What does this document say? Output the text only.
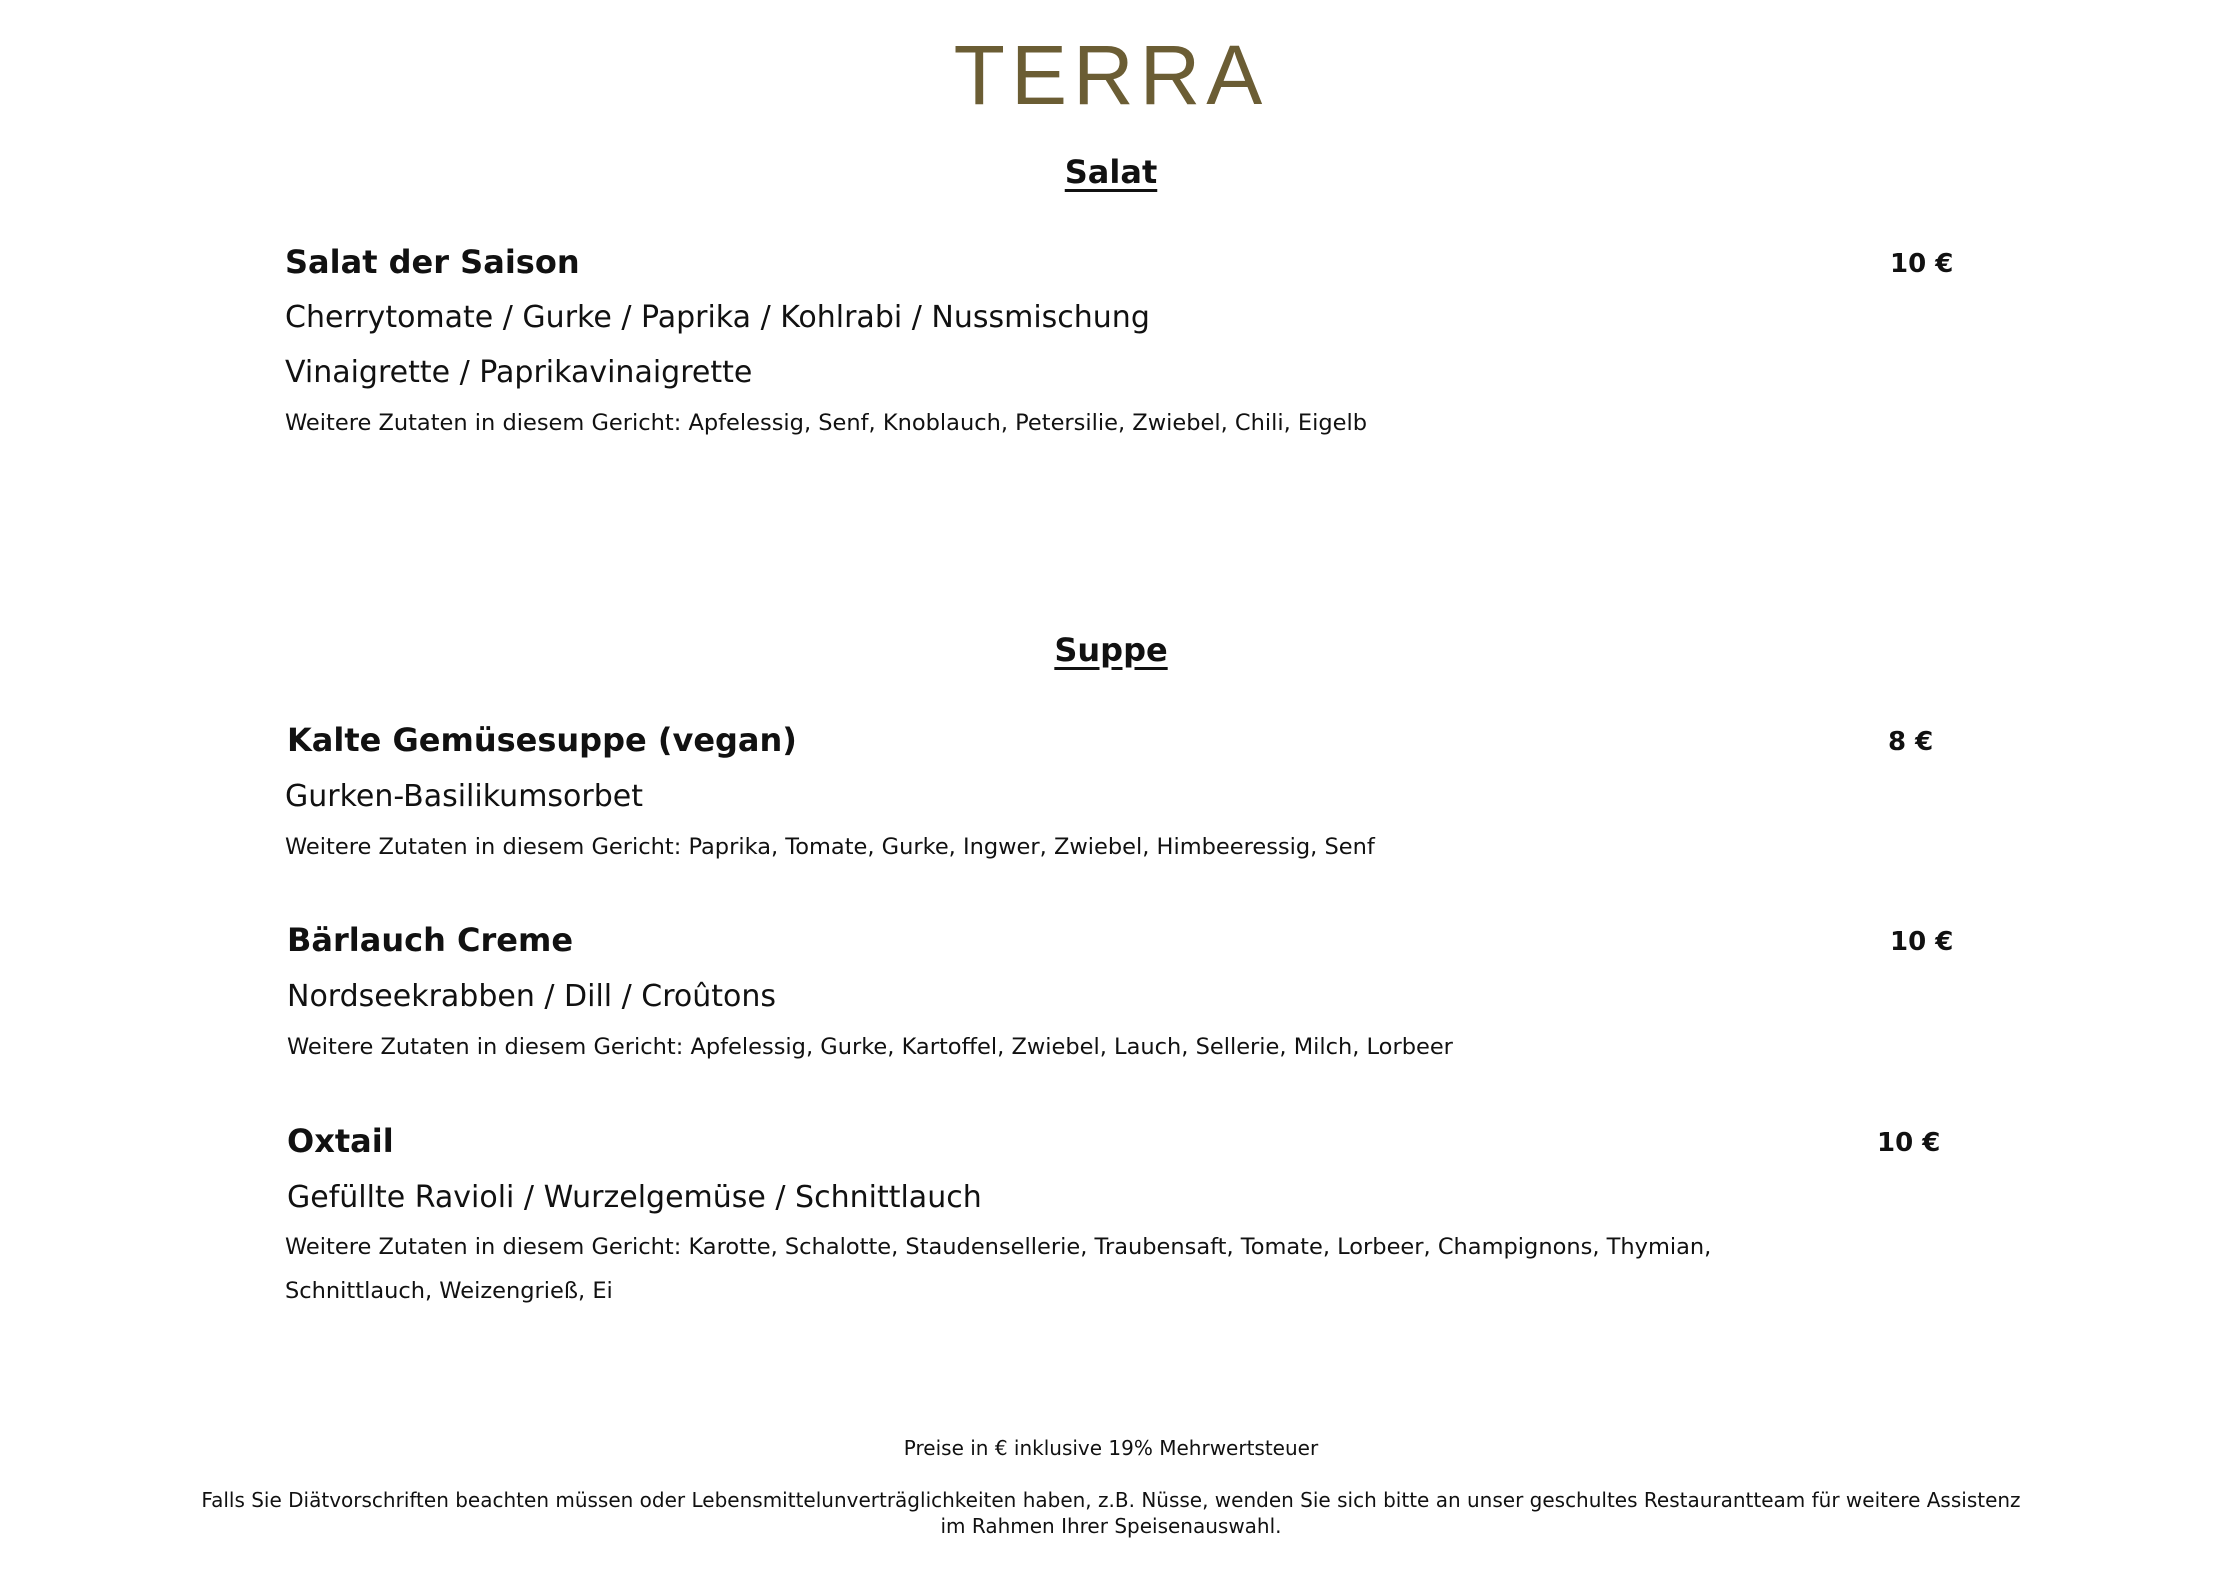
TERRA
Salat
Salat der Saison	10 €
Cherrytomate / Gurke / Paprika / Kohlrabi / Nussmischung
Vinaigrette / Paprikavinaigrette
Weitere Zutaten in diesem Gericht: Apfelessig, Senf, Knoblauch, Petersilie, Zwiebel, Chili, Eigelb
Suppe
Kalte Gemüsesuppe (vegan)	8 €
Gurken-Basilikumsorbet
Weitere Zutaten in diesem Gericht: Paprika, Tomate, Gurke, Ingwer, Zwiebel, Himbeeressig, Senf
Bärlauch Creme	10 €
Nordseekrabben / Dill / Croûtons
Weitere Zutaten in diesem Gericht: Apfelessig, Gurke, Kartoffel, Zwiebel, Lauch, Sellerie, Milch, Lorbeer
Oxtail	10 €
Gefüllte Ravioli / Wurzelgemüse / Schnittlauch
Weitere Zutaten in diesem Gericht: Karotte, Schalotte, Staudensellerie, Traubensaft, Tomate, Lorbeer, Champignons, Thymian,
Schnittlauch, Weizengrieß, Ei
Preise in € inklusive 19% Mehrwertsteuer
Falls Sie Diätvorschriften beachten müssen oder Lebensmittelunverträglichkeiten haben, z.B. Nüsse, wenden Sie sich bitte an unser geschultes Restaurantteam für weitere Assistenz
im Rahmen Ihrer Speisenauswahl.
